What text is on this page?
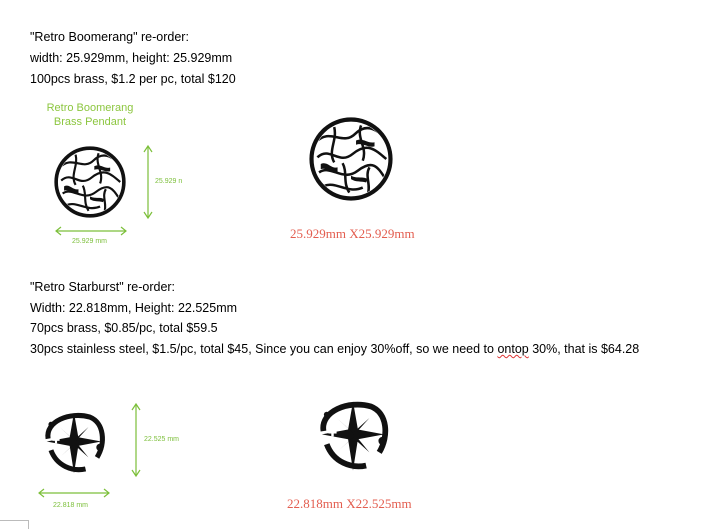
"Retro Boomerang" re-order:
width: 25.929mm, height: 25.929mm
100pcs brass, $1.2 per pc, total $120
Retro Boomerang
Brass Pendant
25.929 n
25.929 mm
25.929mm X25.929mm
"Retro Starburst" re-order:
Width: 22.818mm, Height: 22.525mm
70pcs brass, $0.85/pc, total $59.5
30pcs stainless steel, $1.5/pc, total $45, Since you can enjoy 30%off, so we need to ontop 30%, that is $64.28
22.525 mm
22.818 mm	22.818mm X22.525mm
